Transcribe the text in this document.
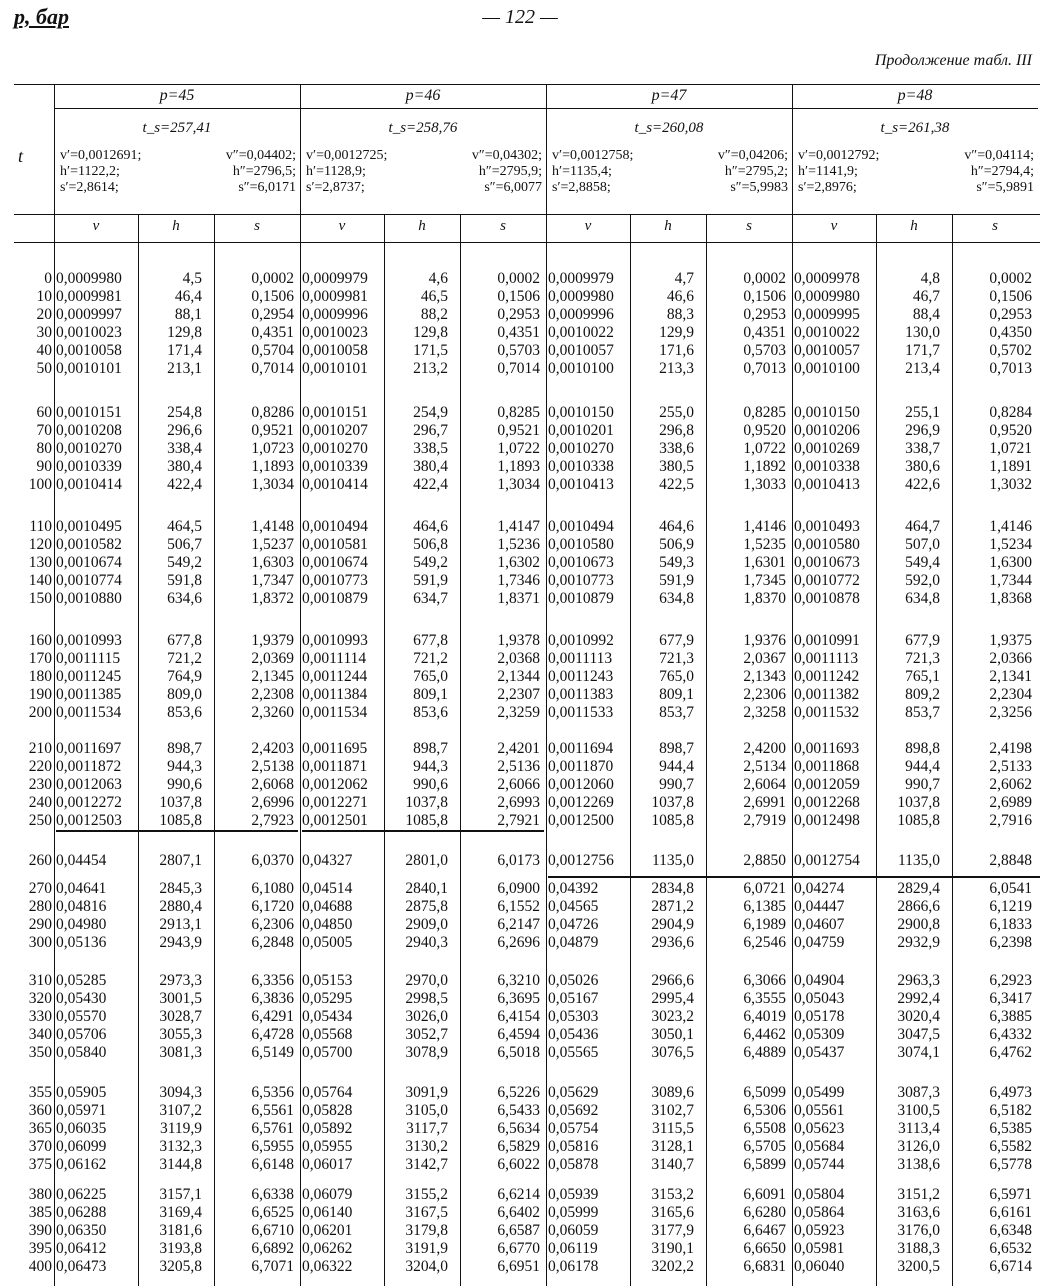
p, бар	— 122 —
Продолжение табл. III
t
p=45
t_s=257,41
v′=0,0012691;	v″=0,04402;
h′=1122,2;	h″=2796,5;
s′=2,8614;	s″=6,0171
v	h	s
p=46
t_s=258,76
v′=0,0012725;	v″=0,04302;
h′=1128,9;	h″=2795,9;
s′=2,8737;	s″=6,0077
v	h	s
p=47
t_s=260,08
v′=0,0012758;	v″=0,04206;
h′=1135,4;	h″=2795,2;
s′=2,8858;	s″=5,9983
v	h	s
p=48
t_s=261,38
v′=0,0012792;	v″=0,04114;
h′=1141,9;	h″=2794,4;
s′=2,8976;	s″=5,9891
v	h	s
0 0,0009980	4,5	0,0002 0,0009979	4,6	0,0002 0,0009979	4,7	0,0002 0,0009978	4,8	0,0002
10 0,0009981	46,4	0,1506 0,0009981	46,5	0,1506 0,0009980	46,6	0,1506 0,0009980	46,7	0,1506
20 0,0009997	88,1	0,2954 0,0009996	88,2	0,2953 0,0009996	88,3	0,2953 0,0009995	88,4	0,2953
30 0,0010023	129,8	0,4351 0,0010023	129,8	0,4351 0,0010022	129,9	0,4351 0,0010022	130,0	0,4350
40 0,0010058	171,4	0,5704 0,0010058	171,5	0,5703 0,0010057	171,6	0,5703 0,0010057	171,7	0,5702
50 0,0010101	213,1	0,7014 0,0010101	213,2	0,7014 0,0010100	213,3	0,7013 0,0010100	213,4	0,7013
60 0,0010151	254,8	0,8286 0,0010151	254,9	0,8285 0,0010150	255,0	0,8285 0,0010150	255,1	0,8284
70 0,0010208	296,6	0,9521 0,0010207	296,7	0,9521 0,0010201	296,8	0,9520 0,0010206	296,9	0,9520
80 0,0010270	338,4	1,0723 0,0010270	338,5	1,0722 0,0010270	338,6	1,0722 0,0010269	338,7	1,0721
90 0,0010339	380,4	1,1893 0,0010339	380,4	1,1893 0,0010338	380,5	1,1892 0,0010338	380,6	1,1891
100 0,0010414	422,4	1,3034 0,0010414	422,4	1,3034 0,0010413	422,5	1,3033 0,0010413	422,6	1,3032
110 0,0010495	464,5	1,4148 0,0010494	464,6	1,4147 0,0010494	464,6	1,4146 0,0010493	464,7	1,4146
120 0,0010582	506,7	1,5237 0,0010581	506,8	1,5236 0,0010580	506,9	1,5235 0,0010580	507,0	1,5234
130 0,0010674	549,2	1,6303 0,0010674	549,2	1,6302 0,0010673	549,3	1,6301 0,0010673	549,4	1,6300
140 0,0010774	591,8	1,7347 0,0010773	591,9	1,7346 0,0010773	591,9	1,7345 0,0010772	592,0	1,7344
150 0,0010880	634,6	1,8372 0,0010879	634,7	1,8371 0,0010879	634,8	1,8370 0,0010878	634,8	1,8368
160 0,0010993	677,8	1,9379 0,0010993	677,8	1,9378 0,0010992	677,9	1,9376 0,0010991	677,9	1,9375
170 0,0011115	721,2	2,0369 0,0011114	721,2	2,0368 0,0011113	721,3	2,0367 0,0011113	721,3	2,0366
180 0,0011245	764,9	2,1345 0,0011244	765,0	2,1344 0,0011243	765,0	2,1343 0,0011242	765,1	2,1341
190 0,0011385	809,0	2,2308 0,0011384	809,1	2,2307 0,0011383	809,1	2,2306 0,0011382	809,2	2,2304
200 0,0011534	853,6	2,3260 0,0011534	853,6	2,3259 0,0011533	853,7	2,3258 0,0011532	853,7	2,3256
210 0,0011697	898,7	2,4203 0,0011695	898,7	2,4201 0,0011694	898,7	2,4200 0,0011693	898,8	2,4198
220 0,0011872	944,3	2,5138 0,0011871	944,3	2,5136 0,0011870	944,4	2,5134 0,0011868	944,4	2,5133
230 0,0012063	990,6	2,6068 0,0012062	990,6	2,6066 0,0012060	990,7	2,6064 0,0012059	990,7	2,6062
240 0,0012272	1037,8	2,6996 0,0012271	1037,8	2,6993 0,0012269	1037,8	2,6991 0,0012268	1037,8	2,6989
250 0,0012503	1085,8	2,7923 0,0012501	1085,8	2,7921 0,0012500	1085,8	2,7919 0,0012498	1085,8	2,7916
260 0,04454	2807,1	6,0370 0,04327	2801,0	6,0173 0,0012756	1135,0	2,8850 0,0012754	1135,0	2,8848
270 0,04641	2845,3	6,1080 0,04514	2840,1	6,0900 0,04392	2834,8	6,0721 0,04274	2829,4	6,0541
280 0,04816	2880,4	6,1720 0,04688	2875,8	6,1552 0,04565	2871,2	6,1385 0,04447	2866,6	6,1219
290 0,04980	2913,1	6,2306 0,04850	2909,0	6,2147 0,04726	2904,9	6,1989 0,04607	2900,8	6,1833
300 0,05136	2943,9	6,2848 0,05005	2940,3	6,2696 0,04879	2936,6	6,2546 0,04759	2932,9	6,2398
310 0,05285	2973,3	6,3356 0,05153	2970,0	6,3210 0,05026	2966,6	6,3066 0,04904	2963,3	6,2923
320 0,05430	3001,5	6,3836 0,05295	2998,5	6,3695 0,05167	2995,4	6,3555 0,05043	2992,4	6,3417
330 0,05570	3028,7	6,4291 0,05434	3026,0	6,4154 0,05303	3023,2	6,4019 0,05178	3020,4	6,3885
340 0,05706	3055,3	6,4728 0,05568	3052,7	6,4594 0,05436	3050,1	6,4462 0,05309	3047,5	6,4332
350 0,05840	3081,3	6,5149 0,05700	3078,9	6,5018 0,05565	3076,5	6,4889 0,05437	3074,1	6,4762
355 0,05905	3094,3	6,5356 0,05764	3091,9	6,5226 0,05629	3089,6	6,5099 0,05499	3087,3	6,4973
360 0,05971	3107,2	6,5561 0,05828	3105,0	6,5433 0,05692	3102,7	6,5306 0,05561	3100,5	6,5182
365 0,06035	3119,9	6,5761 0,05892	3117,7	6,5634 0,05754	3115,5	6,5508 0,05623	3113,4	6,5385
370 0,06099	3132,3	6,5955 0,05955	3130,2	6,5829 0,05816	3128,1	6,5705 0,05684	3126,0	6,5582
375 0,06162	3144,8	6,6148 0,06017	3142,7	6,6022 0,05878	3140,7	6,5899 0,05744	3138,6	6,5778
380 0,06225	3157,1	6,6338 0,06079	3155,2	6,6214 0,05939	3153,2	6,6091 0,05804	3151,2	6,5971
385 0,06288	3169,4	6,6525 0,06140	3167,5	6,6402 0,05999	3165,6	6,6280 0,05864	3163,6	6,6161
390 0,06350	3181,6	6,6710 0,06201	3179,8	6,6587 0,06059	3177,9	6,6467 0,05923	3176,0	6,6348
395 0,06412	3193,8	6,6892 0,06262	3191,9	6,6770 0,06119	3190,1	6,6650 0,05981	3188,3	6,6532
400 0,06473	3205,8	6,7071 0,06322	3204,0	6,6951 0,06178	3202,2	6,6831 0,06040	3200,5	6,6714
